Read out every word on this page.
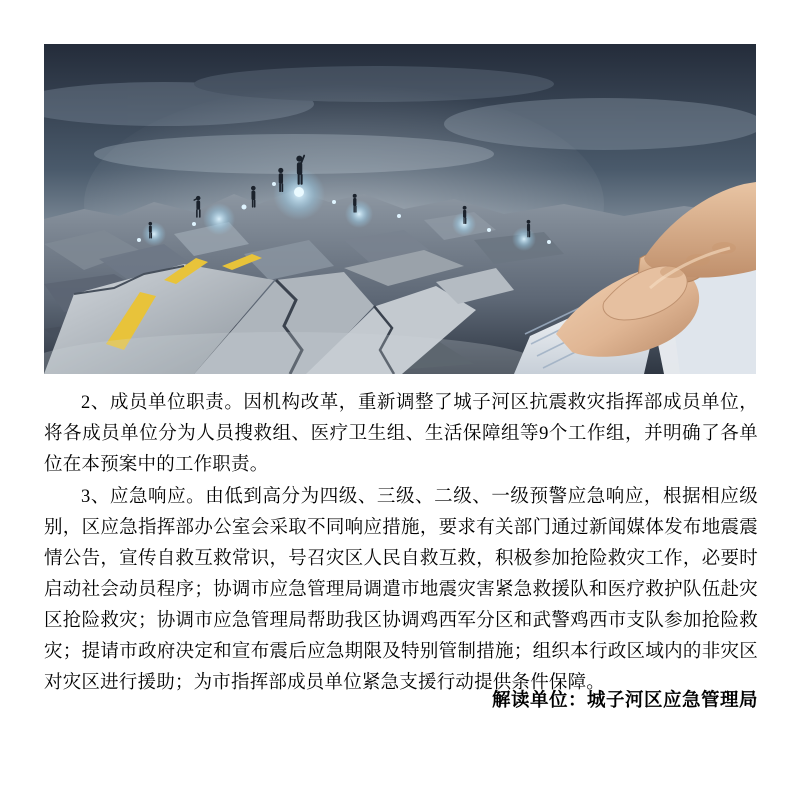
2、成员单位职责。因机构改革，重新调整了城子河区抗震救灾指挥部成员单位，将各成员单位分为人员搜救组、医疗卫生组、生活保障组等9个工作组，并明确了各单位在本预案中的工作职责。

3、应急响应。由低到高分为四级、三级、二级、一级预警应急响应，根据相应级别，区应急指挥部办公室会采取不同响应措施，要求有关部门通过新闻媒体发布地震震情公告，宣传自救互救常识，号召灾区人民自救互救，积极参加抢险救灾工作，必要时启动社会动员程序；协调市应急管理局调遣市地震灾害紧急救援队和医疗救护队伍赴灾区抢险救灾；协调市应急管理局帮助我区协调鸡西军分区和武警鸡西市支队参加抢险救灾；提请市政府决定和宣布震后应急期限及特别管制措施；组织本行政区域内的非灾区对灾区进行援助；为市指挥部成员单位紧急支援行动提供条件保障。

解读单位：城子河区应急管理局
